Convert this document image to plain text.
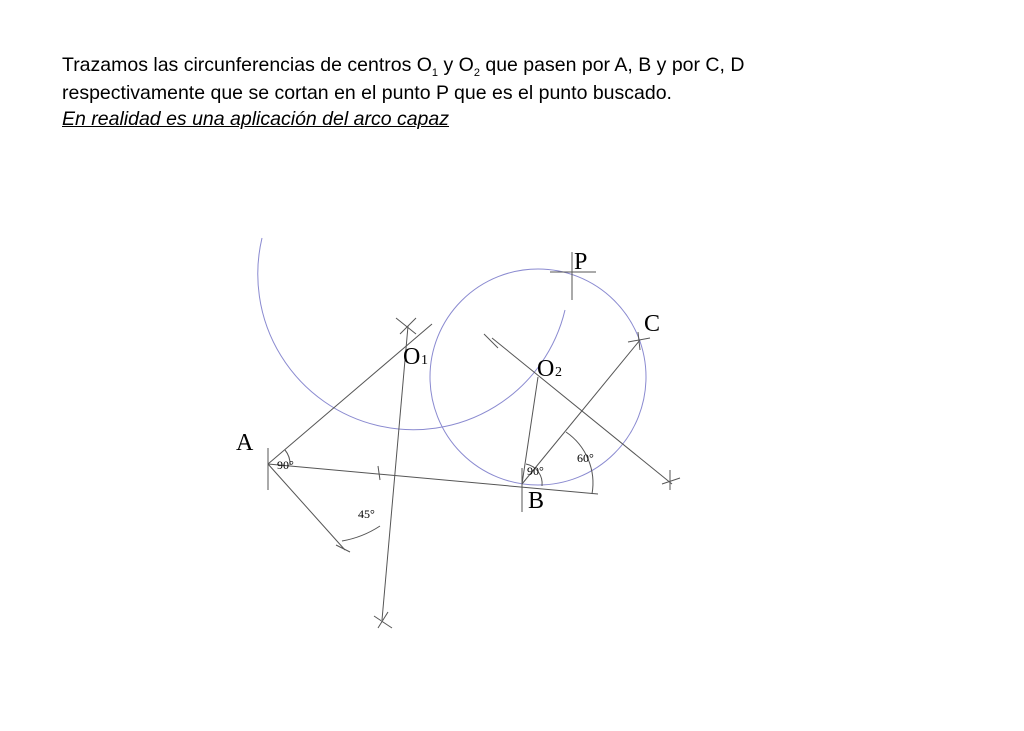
Trazamos las circunferencias de centros $O_1$ y $O_2$ que pasen por A, B y por C, D
respectivamente que se cortan en el punto P que es el punto buscado.
En realidad es una aplicación del arco capaz
A
B
C
P
O 1	O 2
90°	90°
45°
60°
